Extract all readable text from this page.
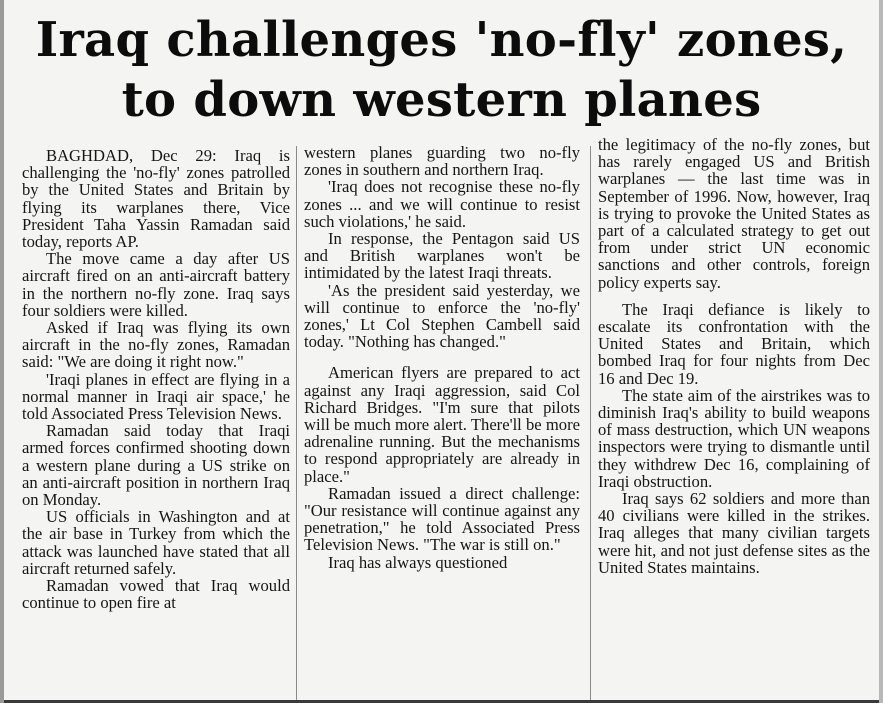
Iraq challenges 'no-fly' zones,
to down western planes

BAGHDAD, Dec 29: Iraq is challenging the 'no-fly' zones patrolled by the United States and Britain by flying its warplanes there, Vice President Taha Yassin Ramadan said today, reports AP.

The move came a day after US aircraft fired on an anti-aircraft battery in the northern no-fly zone. Iraq says four soldiers were killed.

Asked if Iraq was flying its own aircraft in the no-fly zones, Ramadan said: "We are doing it right now."

'Iraqi planes in effect are flying in a normal manner in Iraqi air space,' he told Associated Press Television News.

Ramadan said today that Iraqi armed forces confirmed shooting down a western plane during a US strike on an anti-aircraft position in northern Iraq on Monday.

US officials in Washington and at the air base in Turkey from which the attack was launched have stated that all aircraft returned safely.

Ramadan vowed that Iraq would continue to open fire at

western planes guarding two no-fly zones in southern and northern Iraq.

'Iraq does not recognise these no-fly zones ... and we will continue to resist such violations,' he said.

In response, the Pentagon said US and British warplanes won't be intimidated by the latest Iraqi threats.

'As the president said yesterday, we will continue to enforce the 'no-fly' zones,' Lt Col Stephen Cambell said today. "Nothing has changed."

American flyers are prepared to act against any Iraqi aggression, said Col Richard Bridges. "I'm sure that pilots will be much more alert. There'll be more adrenaline running. But the mechanisms to respond appropriately are already in place."

Ramadan issued a direct challenge: "Our resistance will continue against any penetration," he told Associated Press Television News. "The war is still on."

Iraq has always questioned

the legitimacy of the no-fly zones, but has rarely engaged US and British warplanes — the last time was in September of 1996. Now, however, Iraq is trying to provoke the United States as part of a calculated strategy to get out from under strict UN economic sanctions and other controls, foreign policy experts say.

The Iraqi defiance is likely to escalate its confrontation with the United States and Britain, which bombed Iraq for four nights from Dec 16 and Dec 19.

The state aim of the airstrikes was to diminish Iraq's ability to build weapons of mass destruction, which UN weapons inspectors were trying to dismantle until they withdrew Dec 16, complaining of Iraqi obstruction.

Iraq says 62 soldiers and more than 40 civilians were killed in the strikes. Iraq alleges that many civilian targets were hit, and not just defense sites as the United States maintains.
